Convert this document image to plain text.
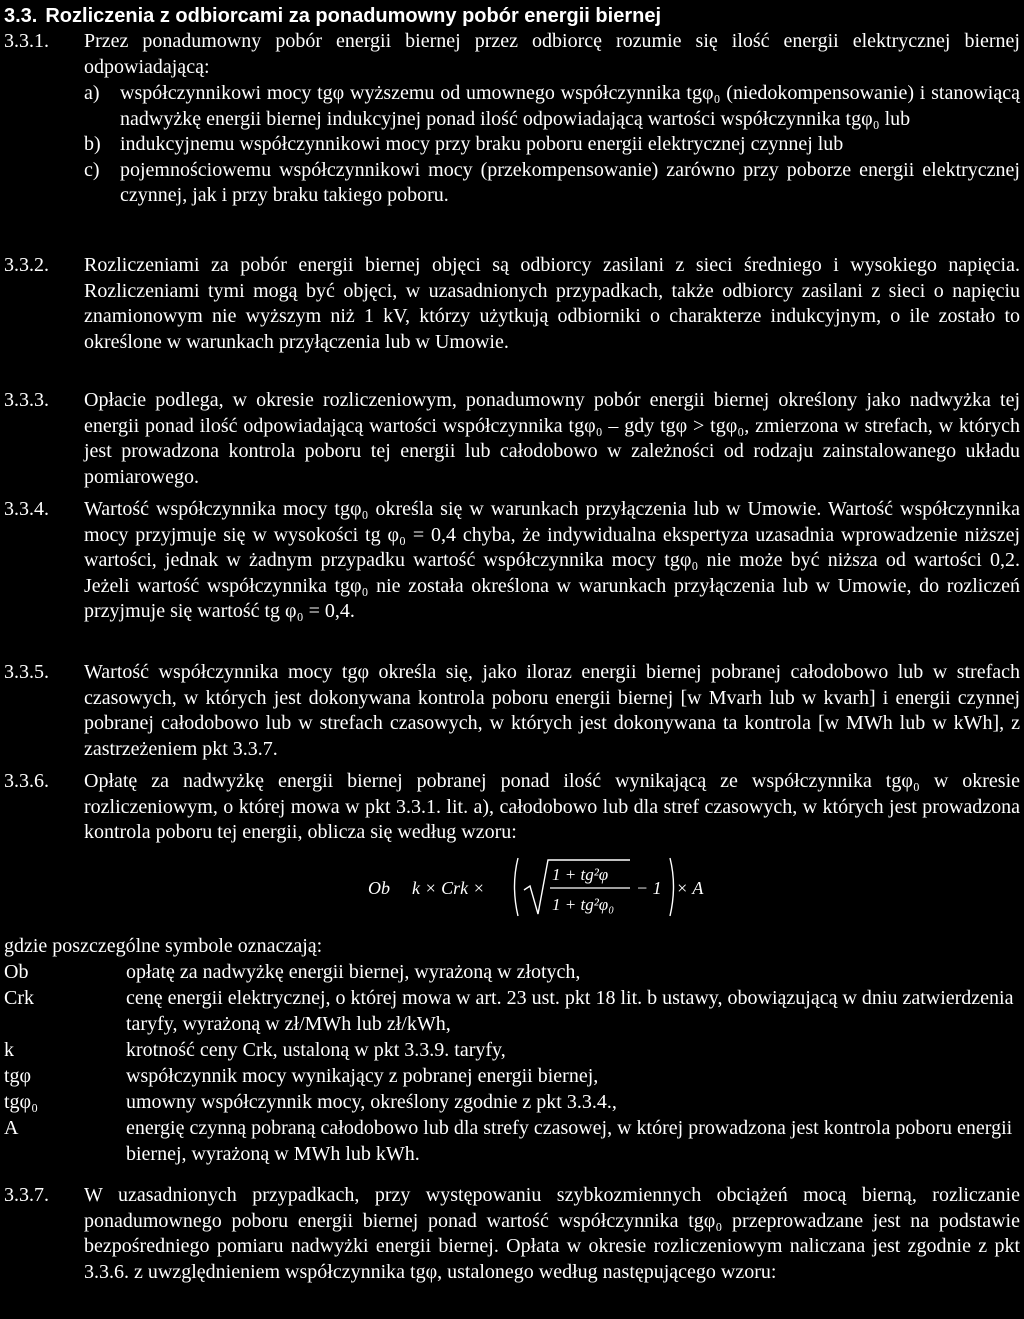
3.3. Rozliczenia z odbiorcami za ponadumowny pobór energii biernej
3.3.1.	Przez ponadumowny pobór energii biernej przez odbiorcę rozumie się ilość energii elektrycznej biernej odpowiadającą:

a) współczynnikowi mocy tgφ wyższemu od umownego współczynnika tgφ₀ (niedokompensowanie) i stanowiącą nadwyżkę energii biernej indukcyjnej ponad ilość odpowiadającą wartości współczynnika tgφ₀ lub
b) indukcyjnemu współczynnikowi mocy przy braku poboru energii elektrycznej czynnej lub
c) pojemnościowemu współczynnikowi mocy (przekompensowanie) zarówno przy poborze energii elektrycznej czynnej, jak i przy braku takiego poboru.
3.3.2.	Rozliczeniami za pobór energii biernej objęci są odbiorcy zasilani z sieci średniego i wysokiego napięcia. Rozliczeniami tymi mogą być objęci, w uzasadnionych przypadkach, także odbiorcy zasilani z sieci o napięciu znamionowym nie wyższym niż 1 kV, którzy użytkują odbiorniki o charakterze indukcyjnym, o ile zostało to określone w warunkach przyłączenia lub w Umowie.

3.3.3.	Opłacie podlega, w okresie rozliczeniowym, ponadumowny pobór energii biernej określony jako nadwyżka tej energii ponad ilość odpowiadającą wartości współczynnika tgφ₀ – gdy tgφ > tgφ₀, zmierzona w strefach, w których jest prowadzona kontrola poboru tej energii lub całodobowo w zależności od rodzaju zainstalowanego układu pomiarowego.

3.3.4.	Wartość współczynnika mocy tgφ₀ określa się w warunkach przyłączenia lub w Umowie. Wartość współczynnika mocy przyjmuje się w wysokości tg φ₀ = 0,4 chyba, że indywidualna ekspertyza uzasadnia wprowadzenie niższej wartości, jednak w żadnym przypadku wartość współczynnika mocy tgφ₀ nie może być niższa od wartości 0,2. Jeżeli wartość współczynnika tgφ₀ nie została określona w warunkach przyłączenia lub w Umowie, do rozliczeń przyjmuje się wartość tg φ₀ = 0,4.

3.3.5.	Wartość współczynnika mocy tgφ określa się, jako iloraz energii biernej pobranej całodobowo lub w strefach czasowych, w których jest dokonywana kontrola poboru energii biernej [w Mvarh lub w kvarh] i energii czynnej pobranej całodobowo lub w strefach czasowych, w których jest dokonywana ta kontrola [w MWh lub w kWh], z zastrzeżeniem pkt 3.3.7.

3.3.6.	Opłatę za nadwyżkę energii biernej pobranej ponad ilość wynikającą ze współczynnika tgφ₀ w okresie rozliczeniowym, o której mowa w pkt 3.3.1. lit. a), całodobowo lub dla stref czasowych, w których jest prowadzona kontrola poboru tej energii, oblicza się według wzoru:

Ob k × Crk ×
1 + tg²φ
1 + tg²φ₀
− 1 × A

gdzie poszczególne symbole oznaczają:

Ob	opłatę za nadwyżkę energii biernej, wyrażoną w złotych,
Crk	cenę energii elektrycznej, o której mowa w art. 23 ust. pkt 18 lit. b ustawy, obowiązującą w dniu zatwierdzenia taryfy, wyrażoną w zł/MWh lub zł/kWh,
k	krotność ceny Crk, ustaloną w pkt 3.3.9. taryfy,
tgφ	współczynnik mocy wynikający z pobranej energii biernej,
tgφ₀	umowny współczynnik mocy, określony zgodnie z pkt 3.3.4.,
A	energię czynną pobraną całodobowo lub dla strefy czasowej, w której prowadzona jest kontrola poboru energii biernej, wyrażoną w MWh lub kWh.
3.3.7.	W uzasadnionych przypadkach, przy występowaniu szybkozmiennych obciążeń mocą bierną, rozliczanie ponadumownego poboru energii biernej ponad wartość współczynnika tgφ₀ przeprowadzane jest na podstawie bezpośredniego pomiaru nadwyżki energii biernej. Opłata w okresie rozliczeniowym naliczana jest zgodnie z pkt 3.3.6. z uwzględnieniem współczynnika tgφ, ustalonego według następującego wzoru:
